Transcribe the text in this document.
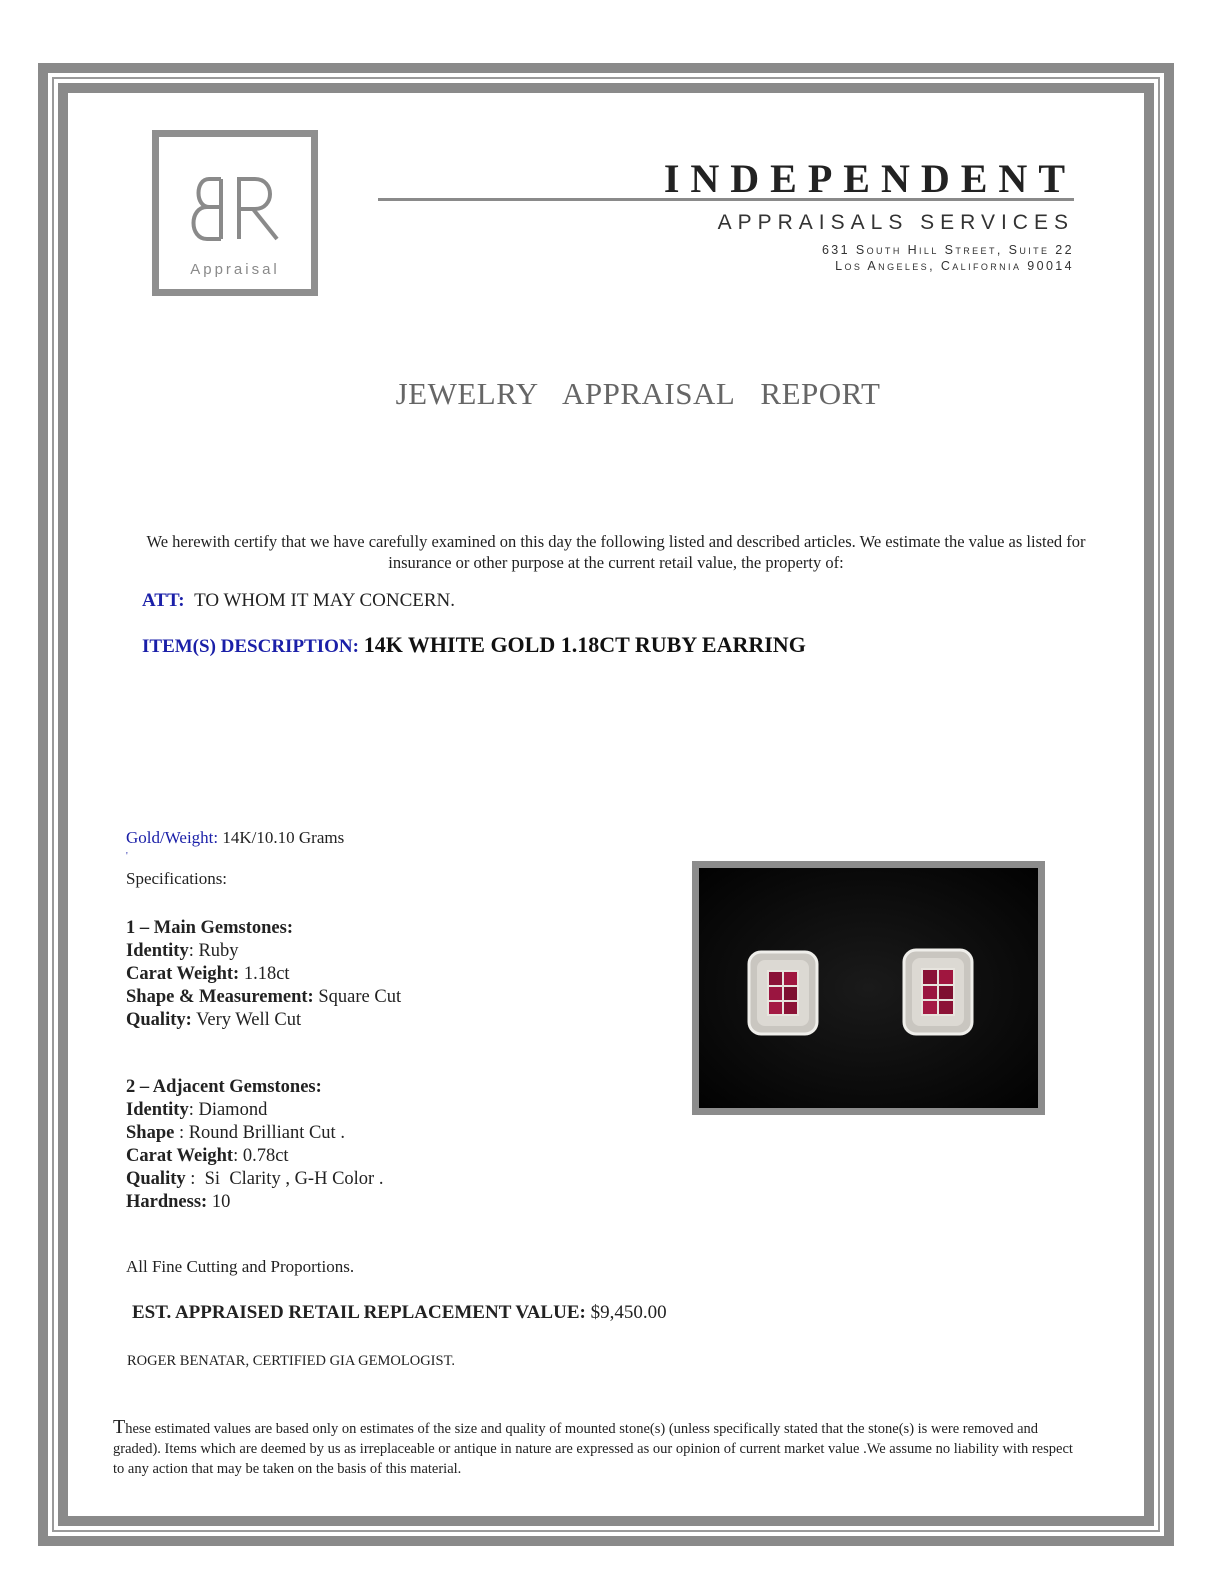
Appraisal
INDEPENDENT
APPRAISALS SERVICES
631 South Hill Street, Suite 22
Los Angeles, California 90014
JEWELRY APPRAISAL REPORT
We herewith certify that we have carefully examined on this day the following listed and described articles. We estimate the value as listed for insurance or other purpose at the current retail value, the property of:
ATT: TO WHOM IT MAY CONCERN.
ITEM(S) DESCRIPTION: 14K WHITE GOLD 1.18CT RUBY EARRING
Gold/Weight: 14K/10.10 Grams
'
Specifications:
1 – Main Gemstones:
Identity: Ruby
Carat Weight: 1.18ct
Shape & Measurement: Square Cut
Quality: Very Well Cut
2 – Adjacent Gemstones:
Identity: Diamond
Shape : Round Brilliant Cut .
Carat Weight: 0.78ct
Quality :  Si  Clarity , G-H Color .
Hardness: 10
All Fine Cutting and Proportions.
EST. APPRAISED RETAIL REPLACEMENT VALUE: $9,450.00
ROGER BENATAR, CERTIFIED GIA GEMOLOGIST.
These estimated values are based only on estimates of the size and quality of mounted stone(s) (unless specifically stated that the stone(s) is were removed and graded). Items which are deemed by us as irreplaceable or antique in nature are expressed as our opinion of current market value .We assume no liability with respect to any action that may be taken on the basis of this material.
